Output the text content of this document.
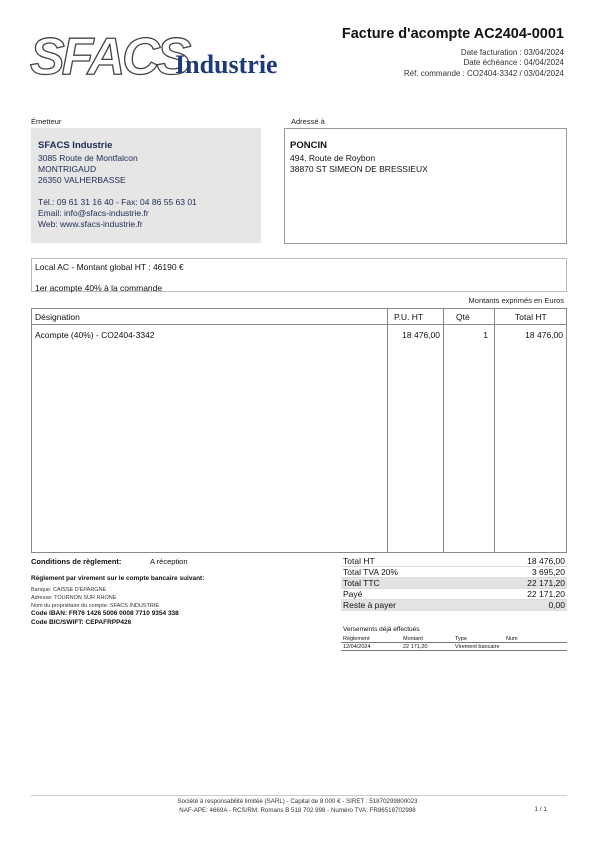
SFACS
Industrie
Facture d'acompte AC2404-0001
Date facturation : 03/04/2024
Date échéance : 04/04/2024
Réf. commande : CO2404-3342 / 03/04/2024
Émetteur
SFACS Industrie
3085 Route de Montfalcon
MONTRIGAUD
26350 VALHERBASSE
Tél.: 09 61 31 16 40 - Fax: 04 86 55 63 01
Email: info@sfacs-industrie.fr
Web: www.sfacs-industrie.fr
Adressé à
PONCIN
494, Route de Roybon
38870 ST SIMEON DE BRESSIEUX
Local AC - Montant global HT : 46190 €
1er acompte 40% à la commande
Montants exprimés en Euros
Désignation	P.U. HT	Qté	Total HT
Acompte (40%) - CO2404-3342	18 476,00	1	18 476,00
Conditions de règlement:	A réception
Règlement par virement sur le compte bancaire suivant:
Banque: CAISSE D'EPARGNE
Adresse: TOURNON SUR RHONE
Nom du propriétaire du compte: SFACS INDUSTRIE
Code IBAN: FR76 1426 5006 0008 7710 9354 338
Code BIC/SWIFT: CEPAFRPP426
Total HT	18 476,00
Total TVA 20%	3 695,20
Total TTC	22 171,20
Payé	22 171,20
Reste à payer	0,00
Versements déjà effectués
Règlement	Montant	Type	Num
12/04/2024	22 171,20	Virement bancaire
Société à responsabilité limitée (SARL) - Capital de 8 000 € - SIRET : 51870299800023
NAF-APE: 4669A - RCS/RM: Romans B 518 702 998 - Numéro TVA: FR86518702998	1 / 1
